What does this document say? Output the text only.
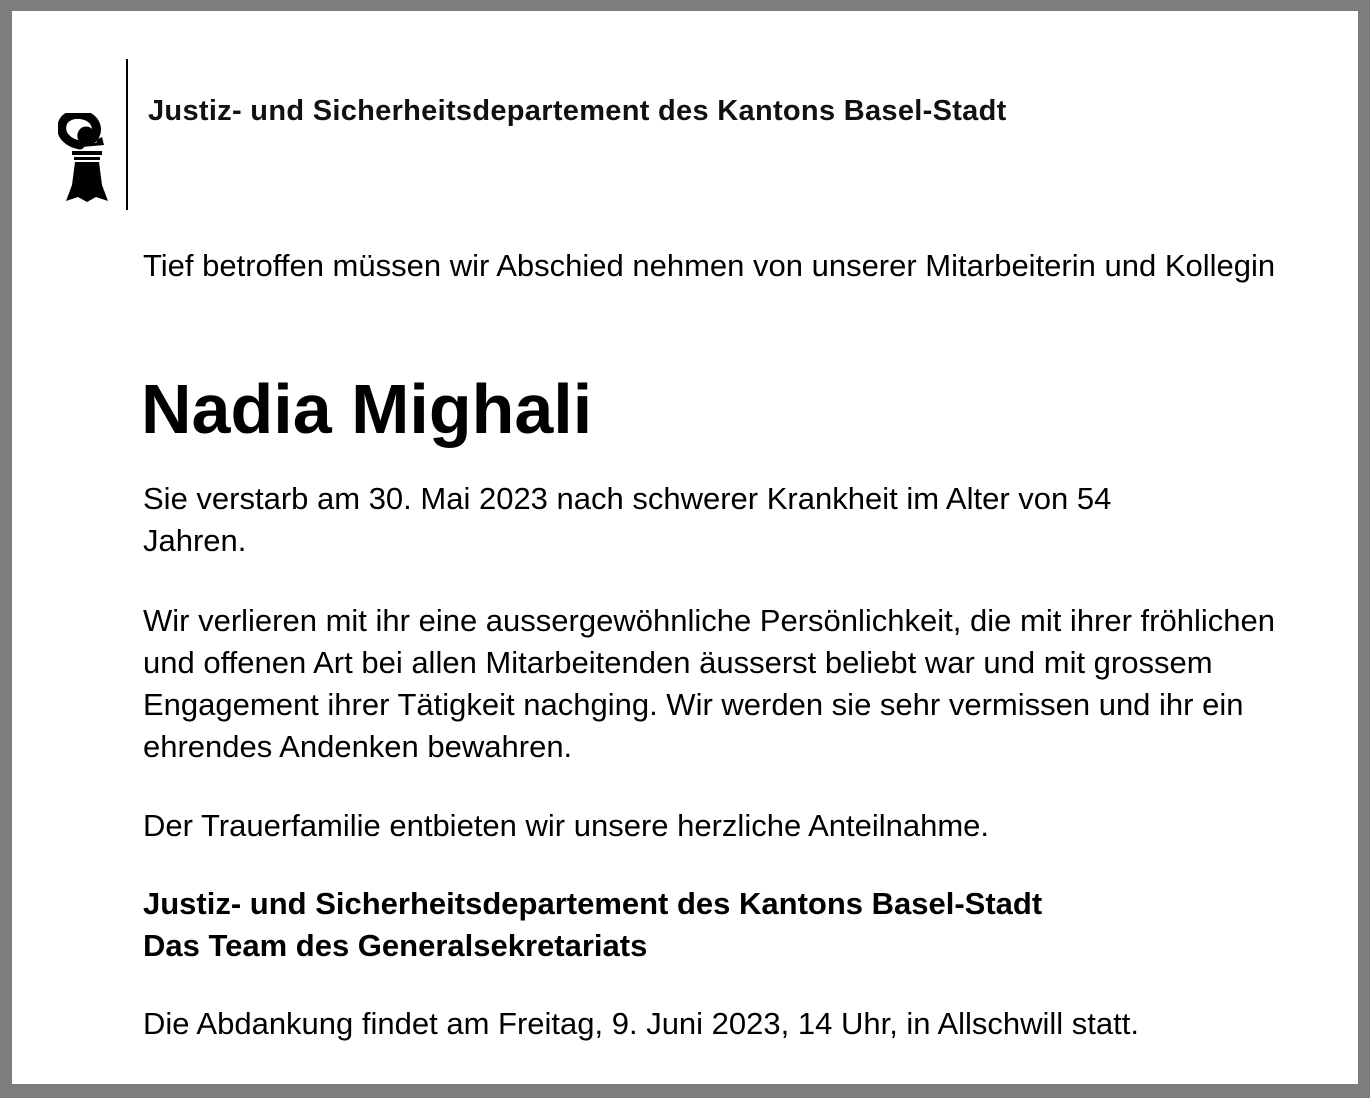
Justiz- und Sicherheitsdepartement des Kantons Basel-Stadt

Tief betroffen müssen wir Abschied nehmen von unserer Mitarbeiterin und Kollegin

Nadia Mighali

Sie verstarb am 30. Mai 2023 nach schwerer Krankheit im Alter von 54 Jahren.

Wir verlieren mit ihr eine aussergewöhnliche Persönlichkeit, die mit ihrer fröhlichen und offenen Art bei allen Mitarbeitenden äusserst beliebt war und mit grossem Engagement ihrer Tätigkeit nachging. Wir werden sie sehr vermissen und ihr ein ehrendes Andenken bewahren.

Der Trauerfamilie entbieten wir unsere herzliche Anteilnahme.

Justiz- und Sicherheitsdepartement des Kantons Basel-Stadt
Das Team des Generalsekretariats

Die Abdankung findet am Freitag, 9. Juni 2023, 14 Uhr, in Allschwill statt.
